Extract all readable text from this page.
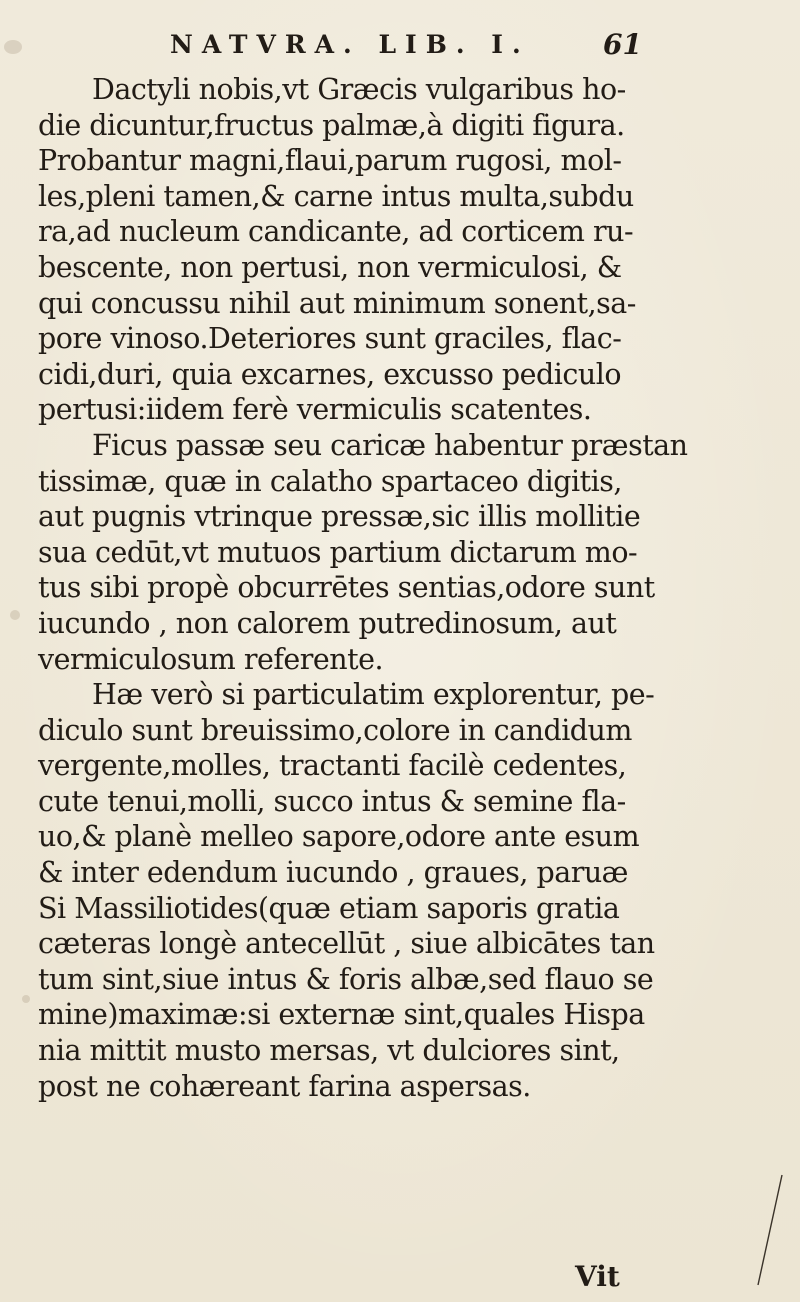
NATVRA. LIB. I.	61
Dactyli nobis,vt Græcis vulgaribus ho-
die dicuntur,fructus palmæ,à digiti figura.
Probantur magni,flaui,parum rugosi, mol-
les,pleni tamen,& carne intus multa,subdu
ra,ad nucleum candicante, ad corticem ru-
bescente, non pertusi, non vermiculosi, &
qui concussu nihil aut minimum sonent,sa-
pore vinoso.Deteriores sunt graciles, flac-
cidi,duri, quia excarnes, excusso pediculo
pertusi:iidem ferè vermiculis scatentes.
Ficus passæ seu caricæ habentur præstan
tissimæ, quæ in calatho spartaceo digitis,
aut pugnis vtrinque pressæ,sic illis mollitie
sua cedūt,vt mutuos partium dictarum mo-
tus sibi propè obcurrētes sentias,odore sunt
iucundo , non calorem putredinosum, aut
vermiculosum referente.
Hæ verò si particulatim explorentur, pe-
diculo sunt breuissimo,colore in candidum
vergente,molles, tractanti facilè cedentes,
cute tenui,molli, succo intus & semine fla-
uo,& planè melleo sapore,odore ante esum
& inter edendum iucundo , graues, paruæ
Si Massiliotides(quæ etiam saporis gratia
cæteras longè antecellūt , siue albicātes tan
tum sint,siue intus & foris albæ,sed flauo se
mine)maximæ:si externæ sint,quales Hispa
nia mittit musto mersas, vt dulciores sint,
post ne cohæreant farina aspersas.
Vit
